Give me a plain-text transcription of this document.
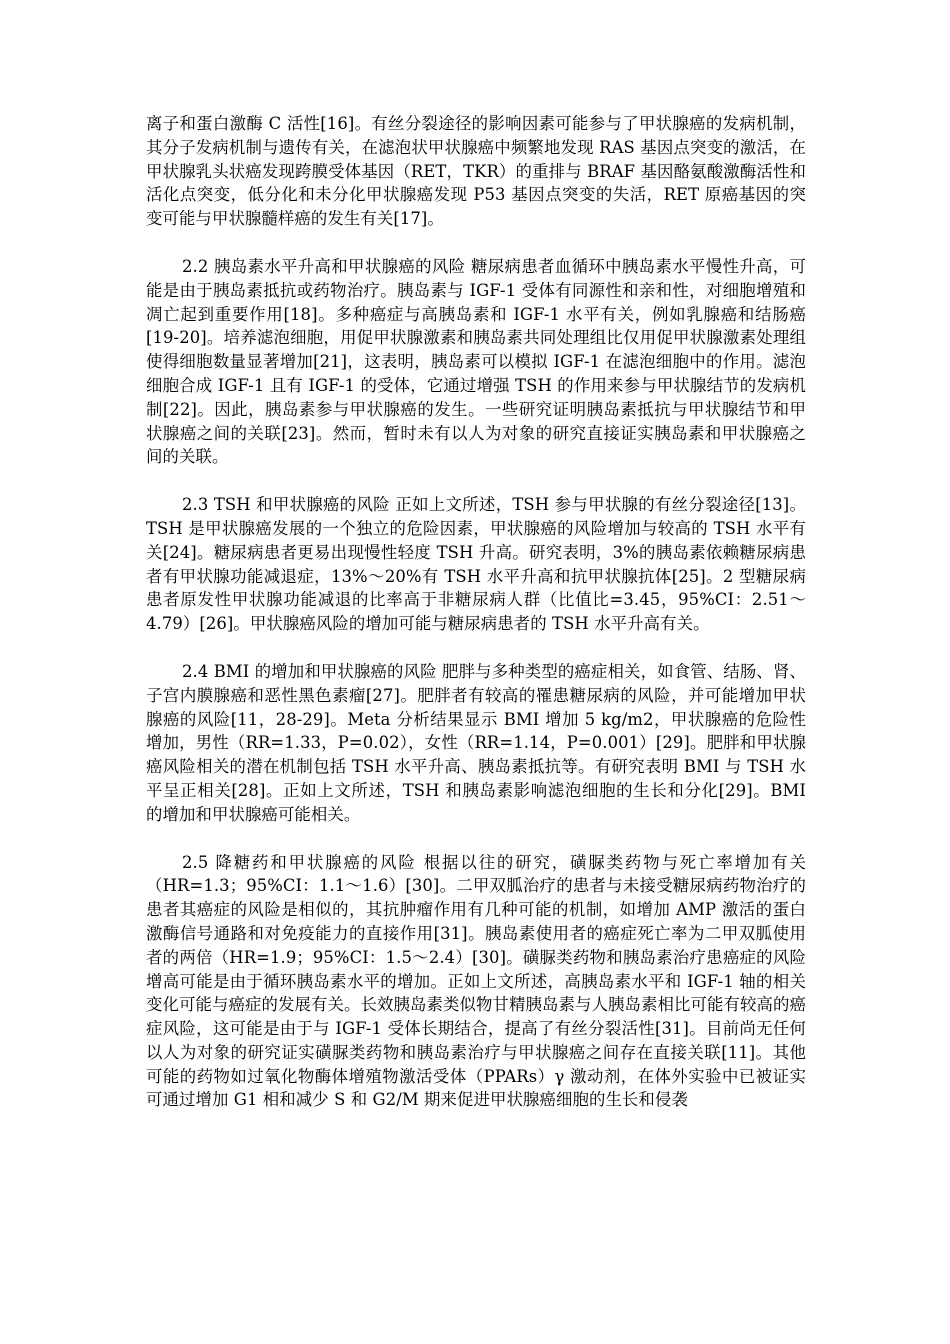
离子和蛋白激酶 C 活性[16]。有丝分裂途径的影响因素可能参与了甲状腺癌的发病机制，其分子发病机制与遗传有关，在滤泡状甲状腺癌中频繁地发现 RAS 基因点突变的激活，在甲状腺乳头状癌发现跨膜受体基因（RET，TKR）的重排与 BRAF 基因酪氨酸激酶活性和活化点突变，低分化和未分化甲状腺癌发现 P53 基因点突变的失活，RET 原癌基因的突变可能与甲状腺髓样癌的发生有关[17]。

2.2 胰岛素水平升高和甲状腺癌的风险 糖尿病患者血循环中胰岛素水平慢性升高，可能是由于胰岛素抵抗或药物治疗。胰岛素与 IGF-1 受体有同源性和亲和性，对细胞增殖和凋亡起到重要作用[18]。多种癌症与高胰岛素和 IGF-1 水平有关，例如乳腺癌和结肠癌[19-20]。培养滤泡细胞，用促甲状腺激素和胰岛素共同处理组比仅用促甲状腺激素处理组使得细胞数量显著增加[21]，这表明，胰岛素可以模拟 IGF-1 在滤泡细胞中的作用。滤泡细胞合成 IGF-1 且有 IGF-1 的受体，它通过增强 TSH 的作用来参与甲状腺结节的发病机制[22]。因此，胰岛素参与甲状腺癌的发生。一些研究证明胰岛素抵抗与甲状腺结节和甲状腺癌之间的关联[23]。然而，暂时未有以人为对象的研究直接证实胰岛素和甲状腺癌之间的关联。

2.3 TSH 和甲状腺癌的风险 正如上文所述，TSH 参与甲状腺的有丝分裂途径[13]。TSH 是甲状腺癌发展的一个独立的危险因素，甲状腺癌的风险增加与较高的 TSH 水平有关[24]。糖尿病患者更易出现慢性轻度 TSH 升高。研究表明，3%的胰岛素依赖糖尿病患者有甲状腺功能减退症，13%～20%有 TSH 水平升高和抗甲状腺抗体[25]。2 型糖尿病患者原发性甲状腺功能减退的比率高于非糖尿病人群（比值比=3.45，95%CI：2.51～4.79）[26]。甲状腺癌风险的增加可能与糖尿病患者的 TSH 水平升高有关。

2.4 BMI 的增加和甲状腺癌的风险 肥胖与多种类型的癌症相关，如食管、结肠、肾、子宫内膜腺癌和恶性黑色素瘤[27]。肥胖者有较高的罹患糖尿病的风险，并可能增加甲状腺癌的风险[11，28-29]。Meta 分析结果显示 BMI 增加 5 kg/m2，甲状腺癌的危险性增加，男性（RR=1.33，P=0.02），女性（RR=1.14，P=0.001）[29]。肥胖和甲状腺癌风险相关的潜在机制包括 TSH 水平升高、胰岛素抵抗等。有研究表明 BMI 与 TSH 水平呈正相关[28]。正如上文所述，TSH 和胰岛素影响滤泡细胞的生长和分化[29]。BMI 的增加和甲状腺癌可能相关。

2.5 降糖药和甲状腺癌的风险 根据以往的研究，磺脲类药物与死亡率增加有关（HR=1.3；95%CI：1.1～1.6）[30]。二甲双胍治疗的患者与未接受糖尿病药物治疗的患者其癌症的风险是相似的，其抗肿瘤作用有几种可能的机制，如增加 AMP 激活的蛋白激酶信号通路和对免疫能力的直接作用[31]。胰岛素使用者的癌症死亡率为二甲双胍使用者的两倍（HR=1.9；95%CI：1.5～2.4）[30]。磺脲类药物和胰岛素治疗患癌症的风险增高可能是由于循环胰岛素水平的增加。正如上文所述，高胰岛素水平和 IGF-1 轴的相关变化可能与癌症的发展有关。长效胰岛素类似物甘精胰岛素与人胰岛素相比可能有较高的癌症风险，这可能是由于与 IGF-1 受体长期结合，提高了有丝分裂活性[31]。目前尚无任何以人为对象的研究证实磺脲类药物和胰岛素治疗与甲状腺癌之间存在直接关联[11]。其他可能的药物如过氧化物酶体增殖物激活受体（PPARs）γ 激动剂，在体外实验中已被证实可通过增加 G1 相和减少 S 和 G2/M 期来促进甲状腺癌细胞的生长和侵袭
